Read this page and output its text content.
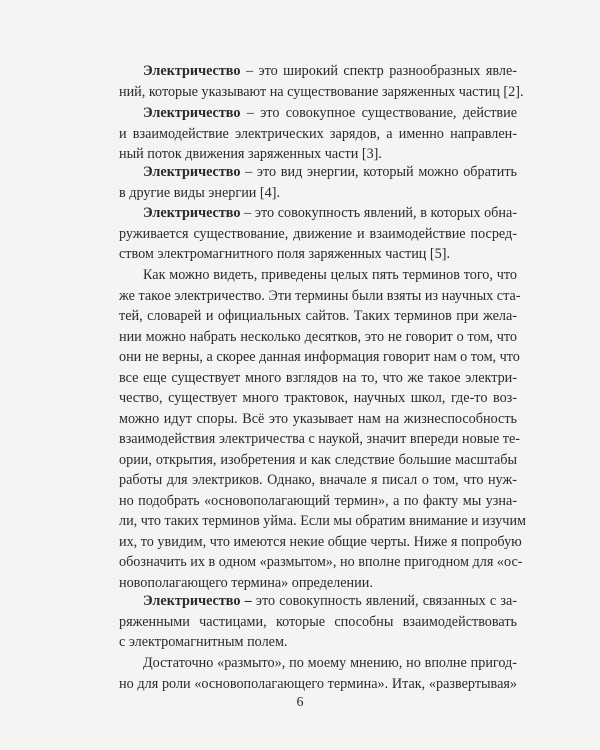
Электричество – это широкий спектр разнообразных явле-
ний, которые указывают на существование заряженных частиц [2].
Электричество – это совокупное существование, действие
и взаимодействие электрических зарядов, а именно направлен-
ный поток движения заряженных части [3].
Электричество – это вид энергии, который можно обратить
в другие виды энергии [4].
Электричество – это совокупность явлений, в которых обна-
руживается существование, движение и взаимодействие посред-
ством электромагнитного поля заряженных частиц [5].
Как можно видеть, приведены целых пять терминов того, что
же такое электричество. Эти термины были взяты из научных ста-
тей, словарей и официальных сайтов. Таких терминов при жела-
нии можно набрать несколько десятков, это не говорит о том, что
они не верны, а скорее данная информация говорит нам о том, что
все еще существует много взглядов на то, что же такое электри-
чество, существует много трактовок, научных школ, где-то воз-
можно идут споры. Всё это указывает нам на жизнеспособность
взаимодействия электричества с наукой, значит впереди новые те-
ории, открытия, изобретения и как следствие большие масштабы
работы для электриков. Однако, вначале я писал о том, что нуж-
но подобрать «основополагающий термин», а по факту мы узна-
ли, что таких терминов уйма. Если мы обратим внимание и изучим
их, то увидим, что имеются некие общие черты. Ниже я попробую
обозначить их в одном «размытом», но вполне пригодном для «ос-
новополагающего термина» определении.
Электричество – это совокупность явлений, связанных с за-
ряженными частицами, которые способны взаимодействовать
с электромагнитным полем.
Достаточно «размыто», по моему мнению, но вполне пригод-
но для роли «основополагающего термина». Итак, «развертывая»
6
